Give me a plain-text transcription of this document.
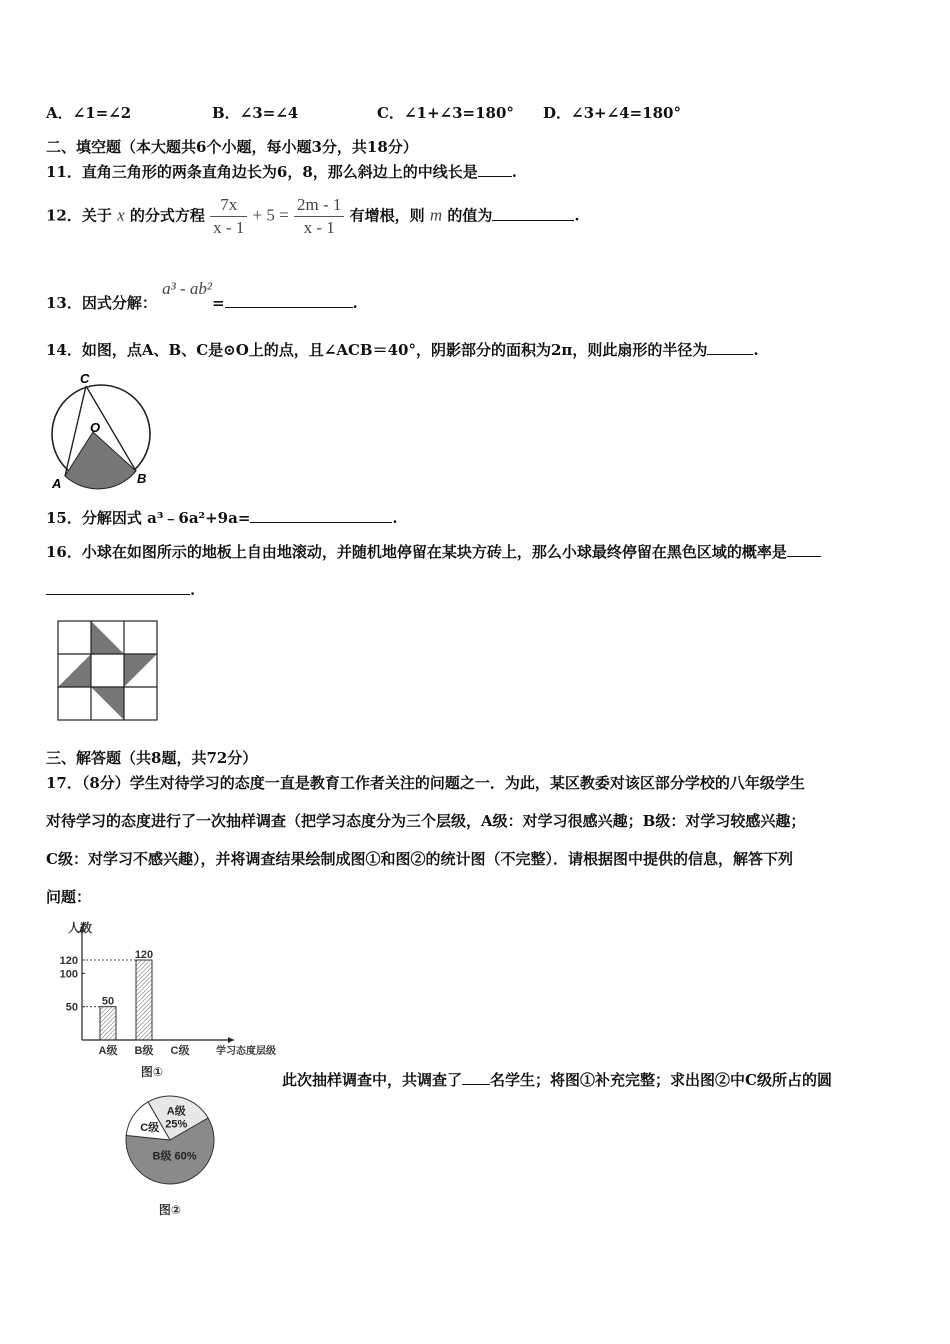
A．∠1=∠2	B．∠3=∠4	C．∠1+∠3=180° D．∠3+∠4=180°
二、填空题（本大题共6个小题，每小题3分，共18分）
11．直角三角形的两条直角边长为6，8，那么斜边上的中线长是 .
12．关于 x 的分式方程 $\frac{7x}{x - 1} + 5 = \frac{2m - 1}{x - 1}$ 有增根，则 m 的值为	.
13．因式分解： a³ - ab²=	.
14．如图，点A、B、C是⊙O上的点，且∠ACB＝40°，阴影部分的面积为2π，则此扇形的半径为	.
C
O
A	B
15．分解因式 a³﹣6a²+9a=	.
16．小球在如图所示的地板上自由地滚动，并随机地停留在某块方砖上，那么小球最终停留在黑色区域的概率是
.
三、解答题（共8题，共72分）
17．（8分）学生对待学习的态度一直是教育工作者关注的问题之一．为此，某区教委对该区部分学校的八年级学生
对待学习的态度进行了一次抽样调查（把学习态度分为三个层级，A级：对学习很感兴趣；B级：对学习较感兴趣；
C级：对学习不感兴趣），并将调查结果绘制成图①和图②的统计图（不完整）．请根据图中提供的信息，解答下列
问题：
人数
50
100
120
50
A级
120
B级 C级	学习态度层级
图①	此次抽样调查中，共调查了 名学生；将图①补充完整；求出图②中C级所占的圆
A级
25%
B级 60%
C级
图②
